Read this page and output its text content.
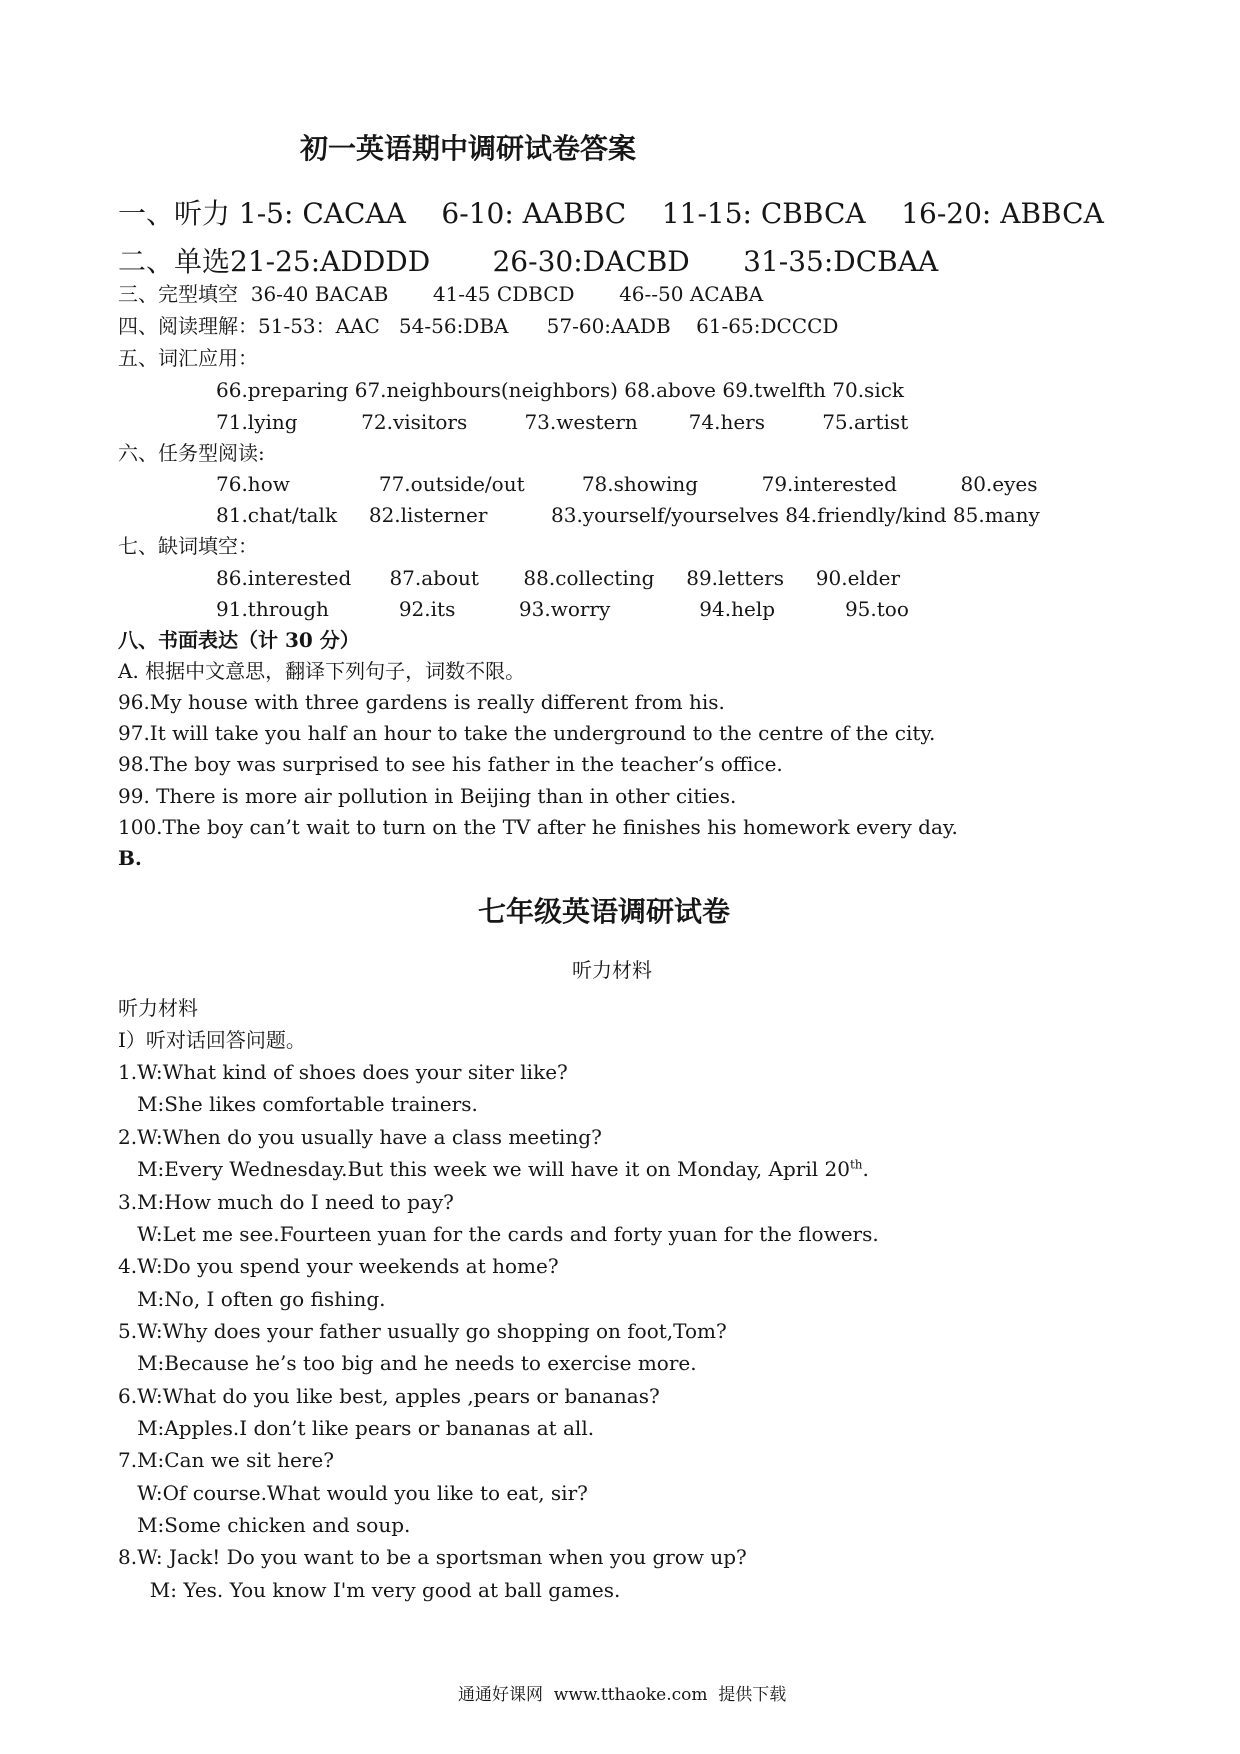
初一英语期中调研试卷答案
一、听力 1-5: CACAA    6-10: AABBC    11-15: CBBCA    16-20: ABBCA
二、单选21-25:ADDDD       26-30:DACBD      31-35:DCBAA
三、完型填空  36-40 BACAB       41-45 CDBCD       46--50 ACABA
四、阅读理解：51-53：AAC   54-56:DBA      57-60:AADB    61-65:DCCCD
五、词汇应用：
66.preparing 67.neighbours(neighbors) 68.above 69.twelfth 70.sick
71.lying          72.visitors         73.western        74.hers         75.artist
六、任务型阅读:
76.how              77.outside/out         78.showing          79.interested          80.eyes
81.chat/talk     82.listerner          83.yourself/yourselves 84.friendly/kind 85.many
七、缺词填空：
86.interested      87.about       88.collecting     89.letters     90.elder
91.through           92.its          93.worry              94.help           95.too
八、书面表达（计 30 分）
A. 根据中文意思，翻译下列句子，词数不限。
96.My house with three gardens is really different from his.
97.It will take you half an hour to take the underground to the centre of the city.
98.The boy was surprised to see his father in the teacher’s office.
99. There is more air pollution in Beijing than in other cities.
100.The boy can’t wait to turn on the TV after he finishes his homework every day.
B.
七年级英语调研试卷
听力材料
听力材料
I）听对话回答问题。
1.W:What kind of shoes does your siter like?
M:She likes comfortable trainers.
2.W:When do you usually have a class meeting?
M:Every Wednesday.But this week we will have it on Monday, April 20th.
3.M:How much do I need to pay?
W:Let me see.Fourteen yuan for the cards and forty yuan for the flowers.
4.W:Do you spend your weekends at home?
M:No, I often go fishing.
5.W:Why does your father usually go shopping on foot,Tom?
M:Because he’s too big and he needs to exercise more.
6.W:What do you like best, apples ,pears or bananas?
M:Apples.I don’t like pears or bananas at all.
7.M:Can we sit here?
W:Of course.What would you like to eat, sir?
M:Some chicken and soup.
8.W: Jack! Do you want to be a sportsman when you grow up?
M: Yes. You know I'm very good at ball games.
通通好课网  www.tthaoke.com  提供下载
